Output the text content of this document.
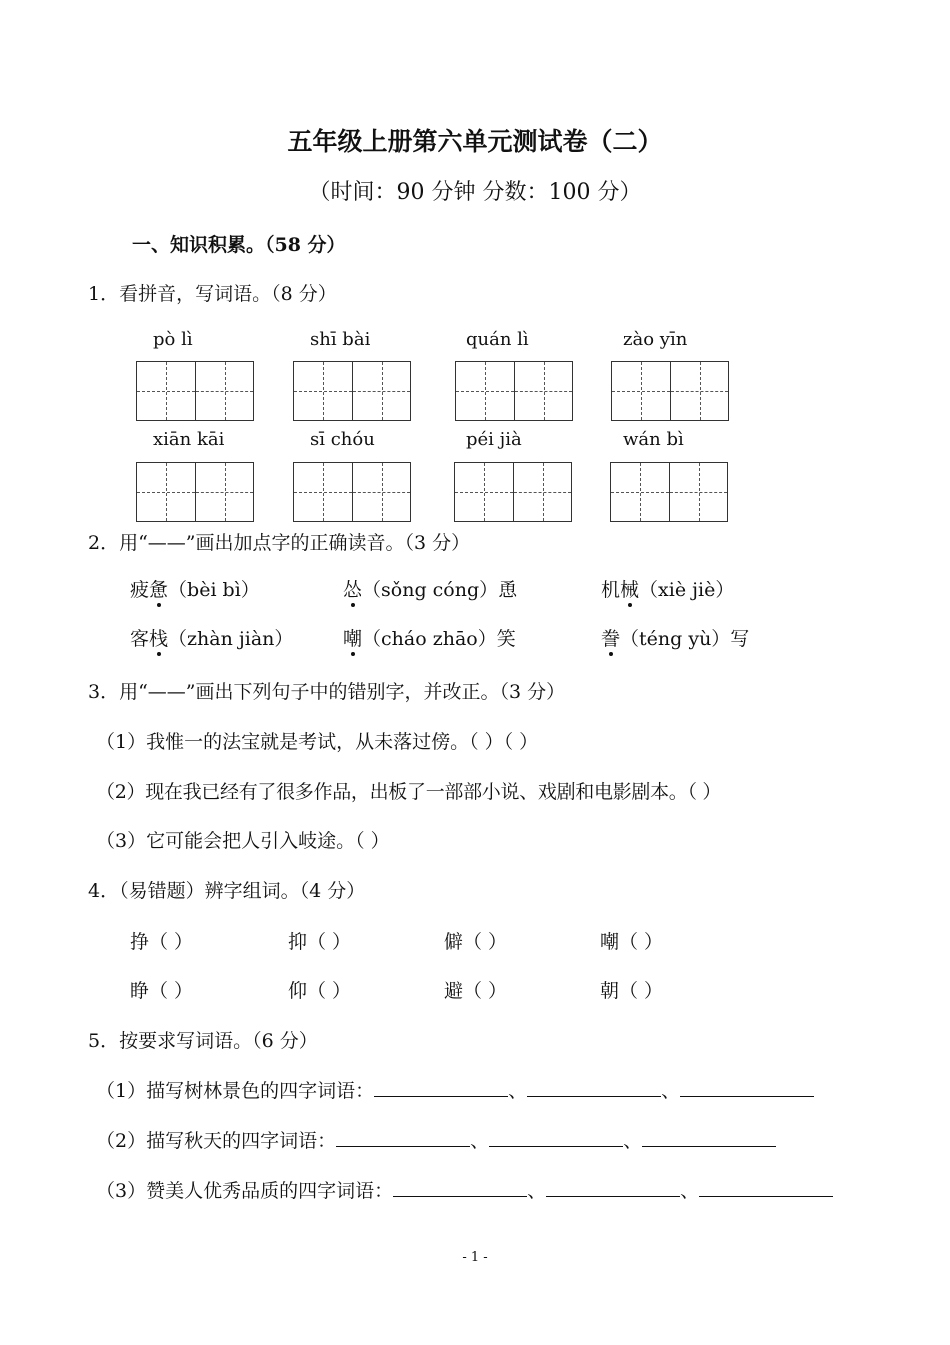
五年级上册第六单元测试卷（二）
（时间：90 分钟 分数：100 分）
一、知识积累。（58 分）
1．看拼音，写词语。（8 分）
pò lì	shī bài	quán lì	zào yīn
xiān kāi	sī chóu	péi jià	wán bì
2．用“——”画出加点字的正确读音。（3 分）
疲惫（bèi bì）	怂（sǒng cóng）恿	机械（xiè jiè）
客栈（zhàn jiàn）	嘲（cháo zhāo）笑	誊（téng yù）写
3．用“——”画出下列句子中的错别字，并改正。（3 分）
（1）我惟一的法宝就是考试，从未落过傍。（ ）（ ）
（2）现在我已经有了很多作品，出板了一部部小说、戏剧和电影剧本。（ ）
（3）它可能会把人引入岐途。（ ）
4．（易错题）辨字组词。（4 分）
挣（ ）	抑（ ）	僻（ ）	嘲（ ）
睁（ ）	仰（ ）	避（ ）	朝（ ）
5．按要求写词语。（6 分）
（1）描写树林景色的四字词语：	、	、
（2）描写秋天的四字词语：	、	、
（3）赞美人优秀品质的四字词语：	、	、
- 1 -
